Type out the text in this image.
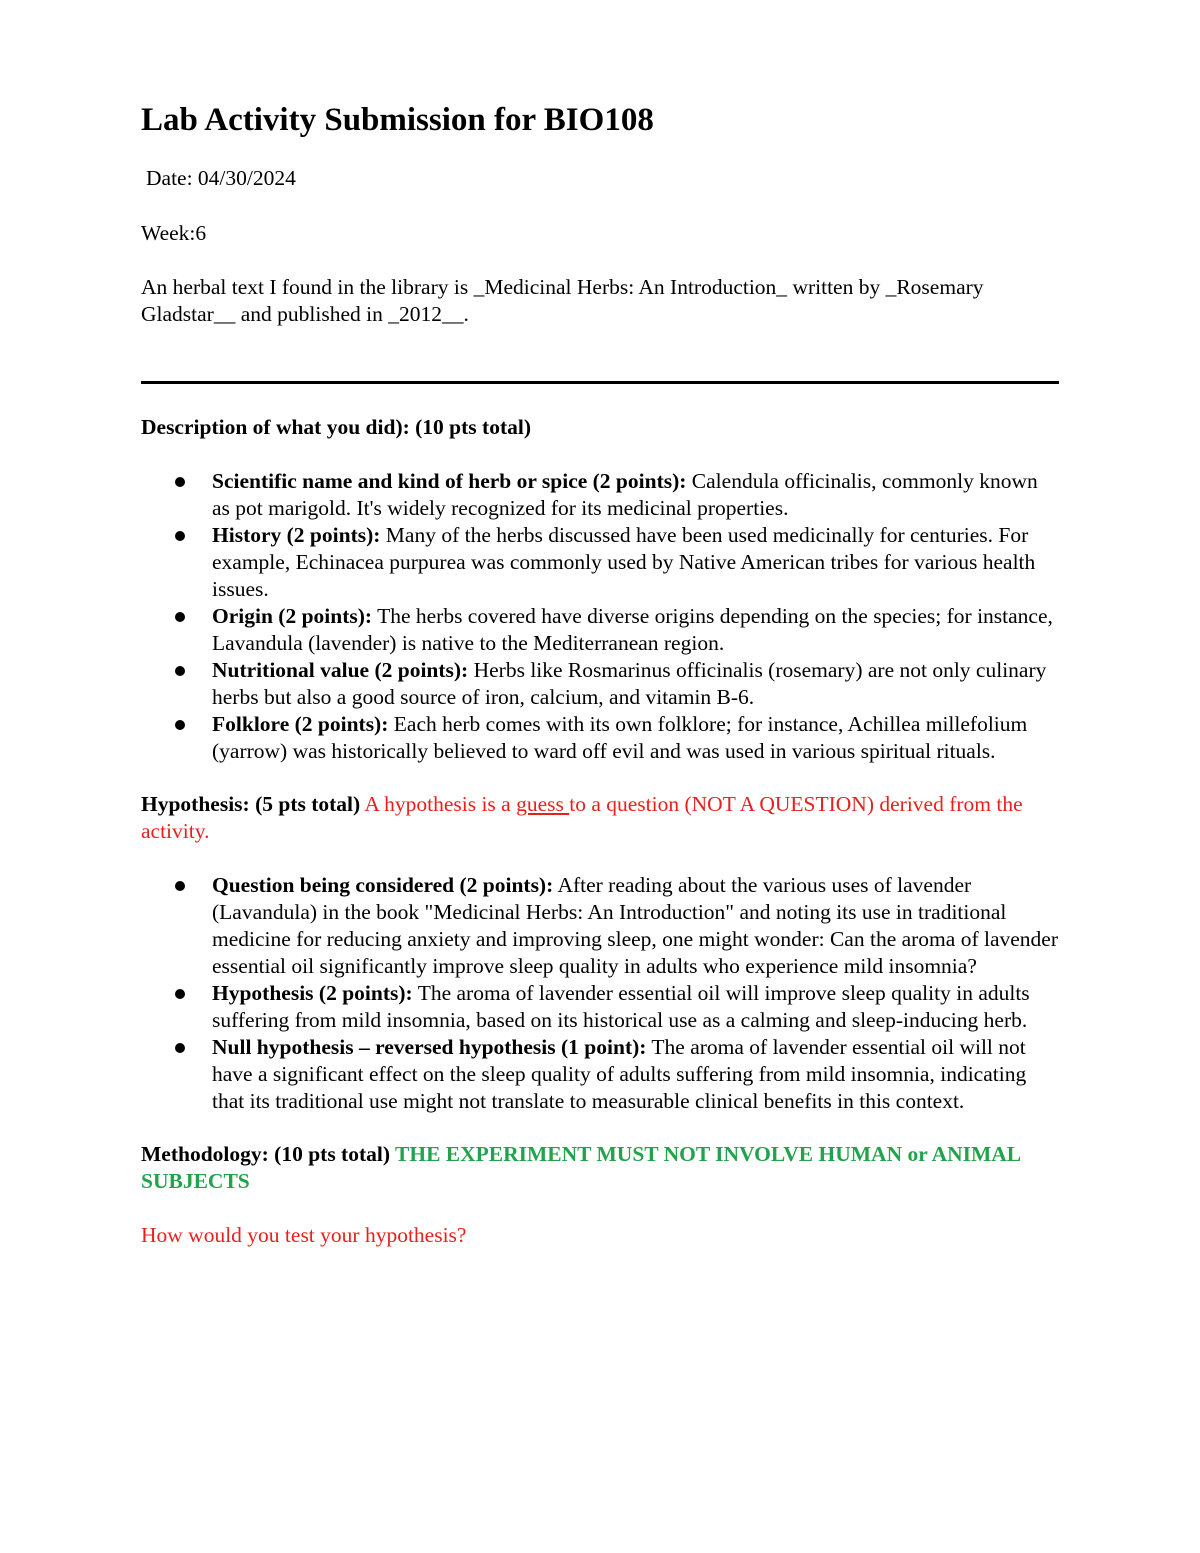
Lab Activity Submission for BIO108

Date: 04/30/2024

Week:6

An herbal text I found in the library is _Medicinal Herbs: An Introduction_ written by _Rosemary Gladstar__ and published in _2012__.

Description of what you did): (10 pts total)

Scientific name and kind of herb or spice (2 points): Calendula officinalis, commonly known as pot marigold. It's widely recognized for its medicinal properties.
History (2 points): Many of the herbs discussed have been used medicinally for centuries. For example, Echinacea purpurea was commonly used by Native American tribes for various health issues.
Origin (2 points): The herbs covered have diverse origins depending on the species; for instance, Lavandula (lavender) is native to the Mediterranean region.
Nutritional value (2 points): Herbs like Rosmarinus officinalis (rosemary) are not only culinary herbs but also a good source of iron, calcium, and vitamin B-6.
Folklore (2 points): Each herb comes with its own folklore; for instance, Achillea millefolium (yarrow) was historically believed to ward off evil and was used in various spiritual rituals.

Hypothesis: (5 pts total) A hypothesis is a guess to a question (NOT A QUESTION) derived from the activity.

Question being considered (2 points): After reading about the various uses of lavender (Lavandula) in the book "Medicinal Herbs: An Introduction" and noting its use in traditional medicine for reducing anxiety and improving sleep, one might wonder: Can the aroma of lavender essential oil significantly improve sleep quality in adults who experience mild insomnia?
Hypothesis (2 points): The aroma of lavender essential oil will improve sleep quality in adults suffering from mild insomnia, based on its historical use as a calming and sleep-inducing herb.
Null hypothesis – reversed hypothesis (1 point): The aroma of lavender essential oil will not have a significant effect on the sleep quality of adults suffering from mild insomnia, indicating that its traditional use might not translate to measurable clinical benefits in this context.

Methodology: (10 pts total) THE EXPERIMENT MUST NOT INVOLVE HUMAN or ANIMAL SUBJECTS

How would you test your hypothesis?
